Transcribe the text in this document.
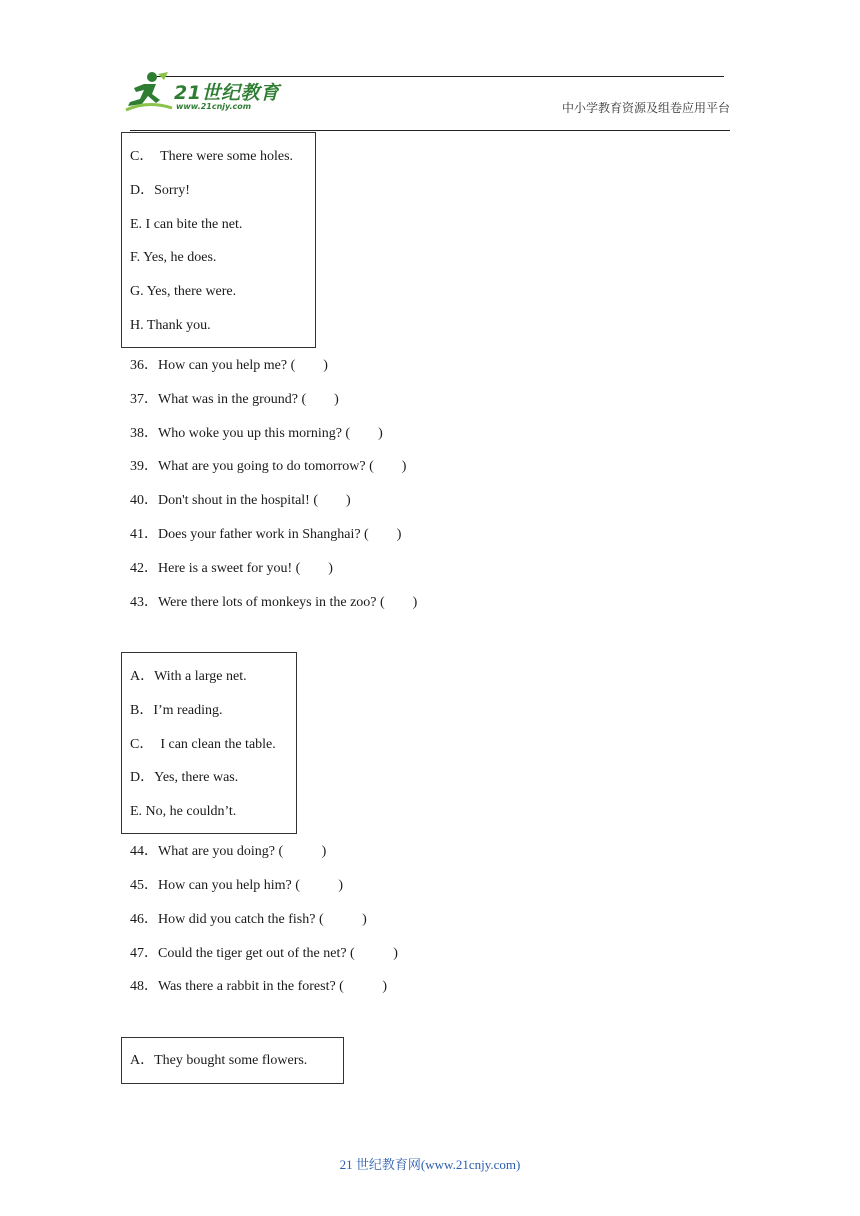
21世纪教育
www.21cnjy.com	中小学教育资源及组卷应用平台
C．  There were some holes.
D．Sorry!
E. I can bite the net.
F. Yes, he does.
G. Yes, there were.
H. Thank you.
36．How can you help me? (        )
37．What was in the ground? (        )
38．Who woke you up this morning? (        )
39．What are you going to do tomorrow? (        )
40．Don't shout in the hospital! (        )
41．Does your father work in Shanghai? (        )
42．Here is a sweet for you! (        )
43．Were there lots of monkeys in the zoo? (        )
A．With a large net.
B．I’m reading.
C．  I can clean the table.
D．Yes, there was.
E. No, he couldn’t.
44．What are you doing? (           )
45．How can you help him? (           )
46．How did you catch the fish? (           )
47．Could the tiger get out of the net? (           )
48．Was there a rabbit in the forest? (           )
A．They bought some flowers.
21 世纪教育网(www.21cnjy.com)
